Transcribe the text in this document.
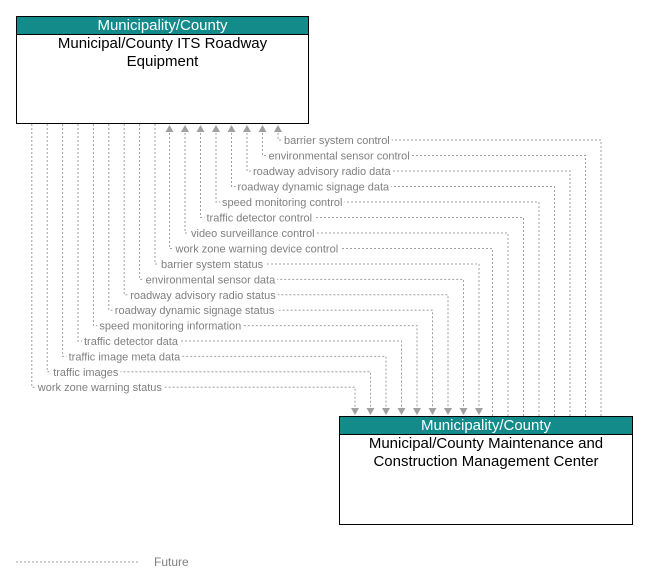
barrier system control
environmental sensor control
roadway advisory radio data
roadway dynamic signage data
speed monitoring control
traffic detector control
video surveillance control
work zone warning device control
barrier system status
environmental sensor data
roadway advisory radio status
roadway dynamic signage status
speed monitoring information
traffic detector data
traffic image meta data
traffic images
work zone warning status
Future
Municipality/County
Municipal/County ITS Roadway Equipment
Municipality/County
Municipal/County Maintenance and Construction Management Center
